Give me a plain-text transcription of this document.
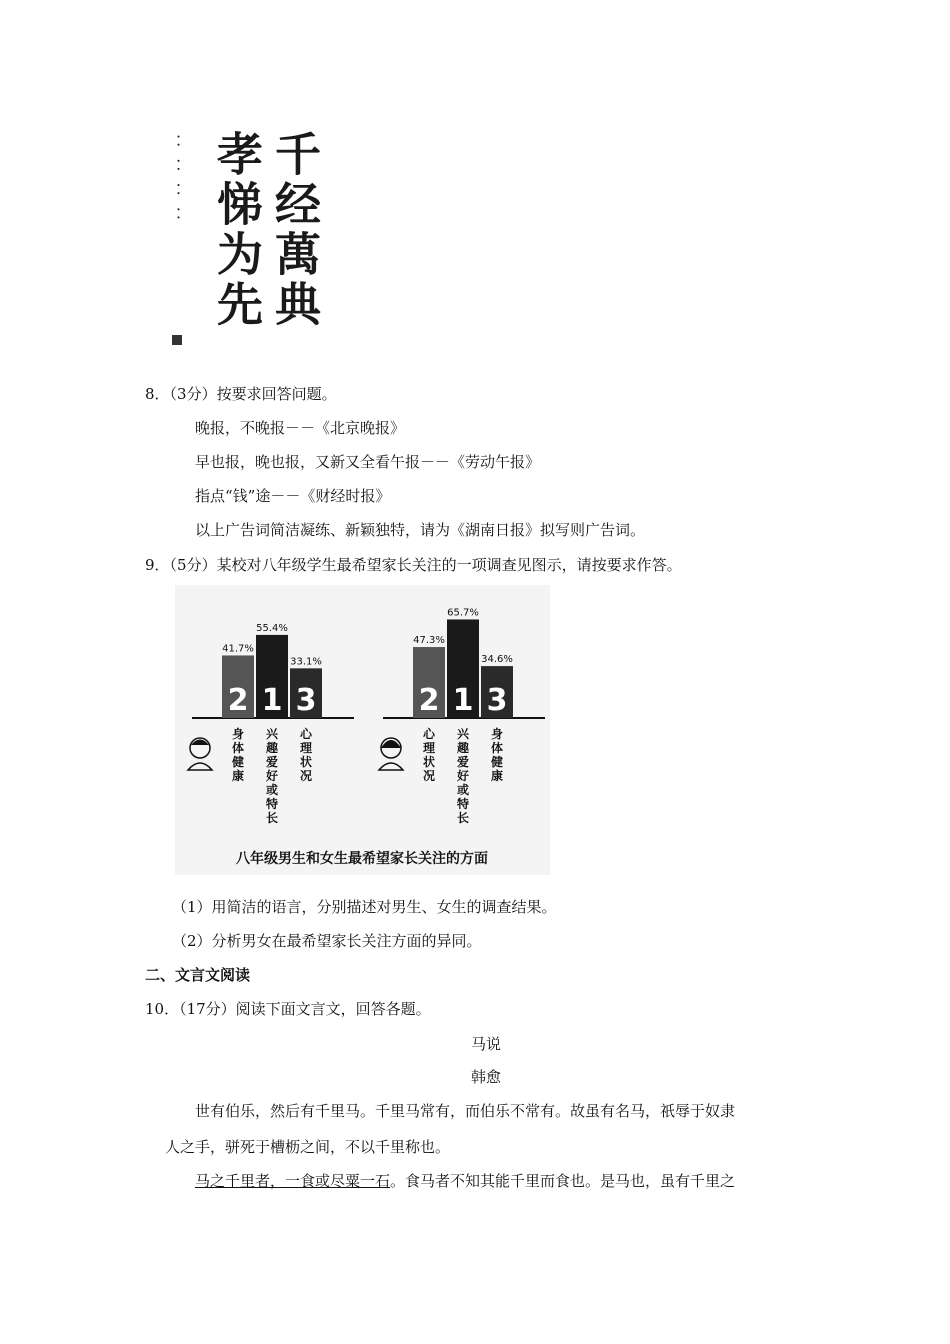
千经萬典
孝悌为先
·· ·· ·· ··
8．（3分）按要求回答问题。
晚报，不晚报－－《北京晚报》
早也报，晚也报，又新又全看午报－－《劳动午报》
指点“钱”途－－《财经时报》
以上广告词简洁凝练、新颖独特，请为《湖南日报》拟写则广告词。
9．（5分）某校对八年级学生最希望家长关注的一项调查见图示，请按要求作答。
41.7%
2
身
体
健
康
55.4%
1
兴
趣
爱
好
或
特
长
33.1%
3
心
理
状
况
47.3%
2
心
理
状
况
65.7%
1
兴
趣
爱
好
或
特
长
34.6%
3
身
体
健
康
八年级男生和女生最希望家长关注的方面
（1）用简洁的语言，分别描述对男生、女生的调查结果。
（2）分析男女在最希望家长关注方面的异同。
二、文言文阅读
10．（17分）阅读下面文言文，回答各题。
马说
韩愈
世有伯乐，然后有千里马。千里马常有，而伯乐不常有。故虽有名马，祇辱于奴隶
人之手，骈死于槽枥之间，不以千里称也。
马之千里者，一食或尽粟一石。食马者不知其能千里而食也。是马也，虽有千里之
